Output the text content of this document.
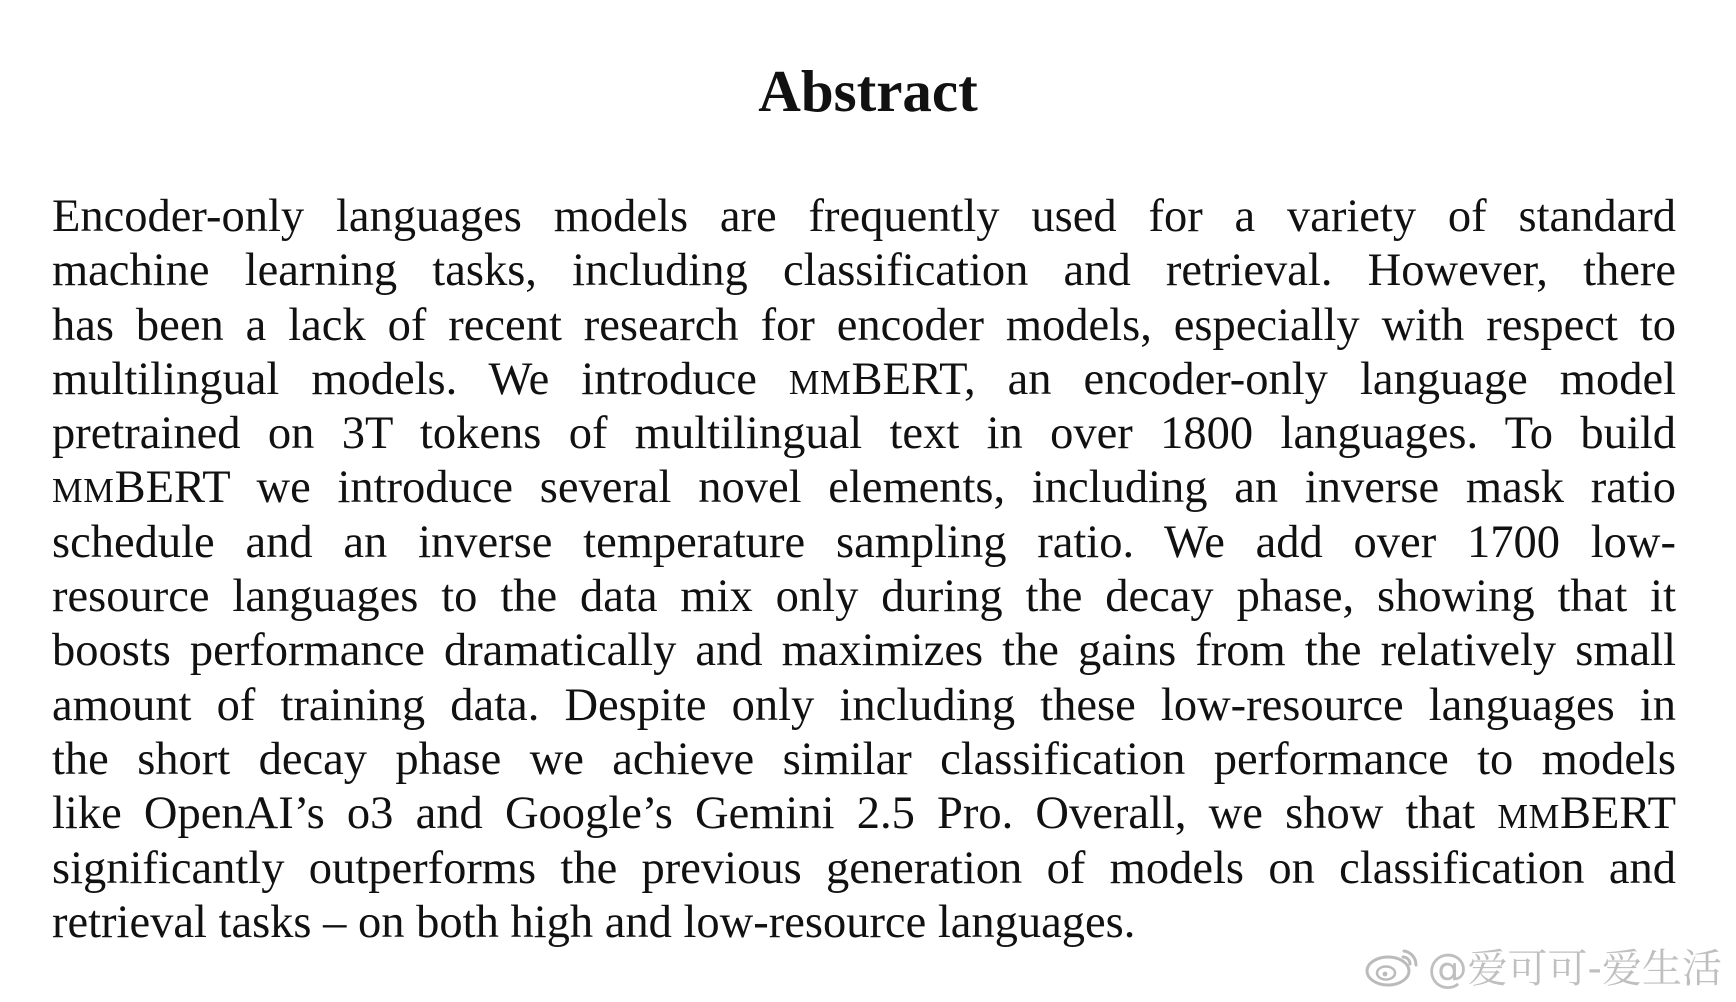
Abstract
Encoder-only languages models are frequently used for a variety of standard
machine learning tasks, including classification and retrieval. However, there
has been a lack of recent research for encoder models, especially with respect to
multilingual models. We introduce MMBERT, an encoder-only language model
pretrained on 3T tokens of multilingual text in over 1800 languages. To build
MMBERT we introduce several novel elements, including an inverse mask ratio
schedule and an inverse temperature sampling ratio. We add over 1700 low-
resource languages to the data mix only during the decay phase, showing that it
boosts performance dramatically and maximizes the gains from the relatively small
amount of training data. Despite only including these low-resource languages in
the short decay phase we achieve similar classification performance to models
like OpenAI’s o3 and Google’s Gemini 2.5 Pro. Overall, we show that MMBERT
significantly outperforms the previous generation of models on classification and
retrieval tasks – on both high and low-resource languages.
@爱可可-爱生活
